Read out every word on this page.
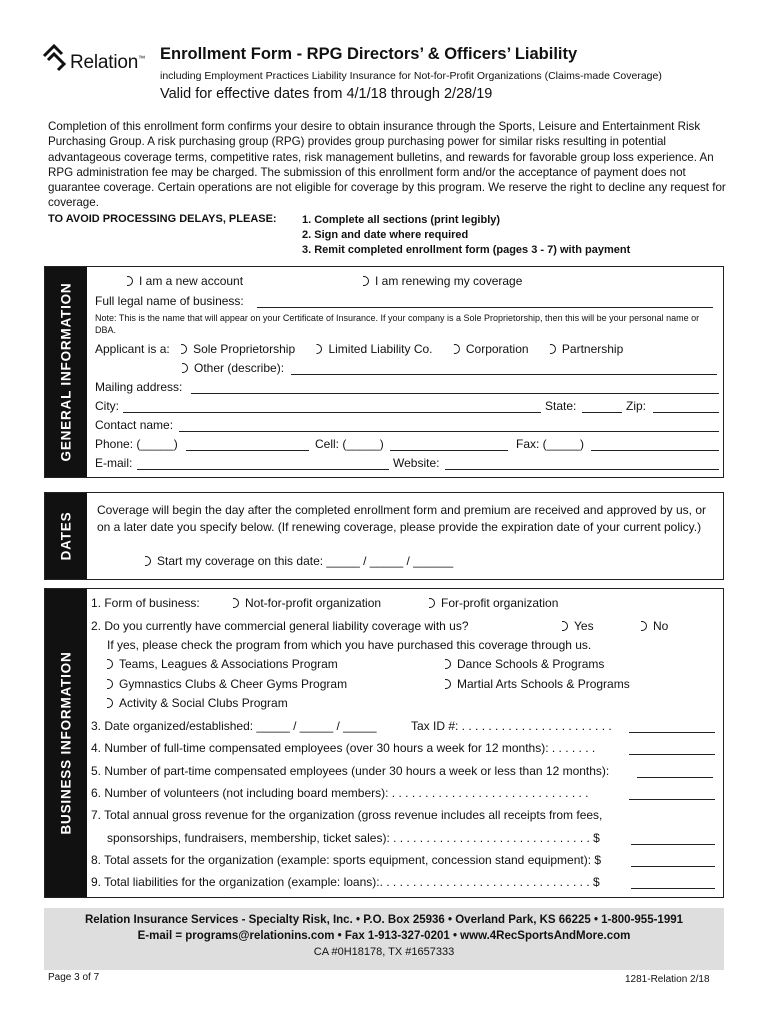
Relation™ Enrollment Form - RPG Directors’ & Officers’ Liability
including Employment Practices Liability Insurance for Not-for-Profit Organizations (Claims-made Coverage)
Valid for effective dates from 4/1/18 through 2/28/19
Completion of this enrollment form confirms your desire to obtain insurance through the Sports, Leisure and Entertainment Risk Purchasing Group. A risk purchasing group (RPG) provides group purchasing power for similar risks resulting in potential advantageous coverage terms, competitive rates, risk management bulletins, and rewards for favorable group loss experience. An RPG administration fee may be charged. The submission of this enrollment form and/or the acceptance of payment does not guarantee coverage. Certain operations are not eligible for coverage by this program. We reserve the right to decline any request for coverage.
TO AVOID PROCESSING DELAYS, PLEASE: 1. Complete all sections (print legibly)
2. Sign and date where required
3. Remit completed enrollment form (pages 3 - 7) with payment
GENERAL INFORMATION
I am a new account	I am renewing my coverage
Full legal name of business:
Note: This is the name that will appear on your Certificate of Insurance. If your company is a Sole Proprietorship, then this will be your personal name or DBA.
Applicant is a: Sole Proprietorship	Limited Liability Co.	Corporation	Partnership
Other (describe):
Mailing address:
City:	State:	Zip:
Contact name:
Phone: (_____)	Cell: (_____)	Fax: (_____)
E-mail:	Website:
DATES
Coverage will begin the day after the completed enrollment form and premium are received and approved by us, or on a later date you specify below. (If renewing coverage, please provide the expiration date of your current policy.)
Start my coverage on this date: _____ / _____ / ______
BUSINESS INFORMATION
1. Form of business:	Not-for-profit organization	For-profit organization
2. Do you currently have commercial general liability coverage with us?	Yes	No
If yes, please check the program from which you have purchased this coverage through us.
Teams, Leagues & Associations Program	Dance Schools & Programs
Gymnastics Clubs & Cheer Gyms Program	Martial Arts Schools & Programs
Activity & Social Clubs Program
3. Date organized/established: _____ / _____ / _____	Tax ID #: . . . . . . . . . . . . . . . . . . . . . . .
4. Number of full-time compensated employees (over 30 hours a week for 12 months): . . . . . . .
5. Number of part-time compensated employees (under 30 hours a week or less than 12 months):
6. Number of volunteers (not including board members): . . . . . . . . . . . . . . . . . . . . . . . . . . . . . .
7. Total annual gross revenue for the organization (gross revenue includes all receipts from fees,
sponsorships, fundraisers, membership, ticket sales): . . . . . . . . . . . . . . . . . . . . . . . . . . . . . . $
8. Total assets for the organization (example: sports equipment, concession stand equipment): $
9. Total liabilities for the organization (example: loans):. . . . . . . . . . . . . . . . . . . . . . . . . . . . . . . . $
Relation Insurance Services - Specialty Risk, Inc. • P.O. Box 25936 • Overland Park, KS 66225 • 1-800-955-1991
E-mail = programs@relationins.com • Fax 1-913-327-0201 • www.4RecSportsAndMore.com
CA #0H18178, TX #1657333
Page 3 of 7	1281-Relation 2/18
